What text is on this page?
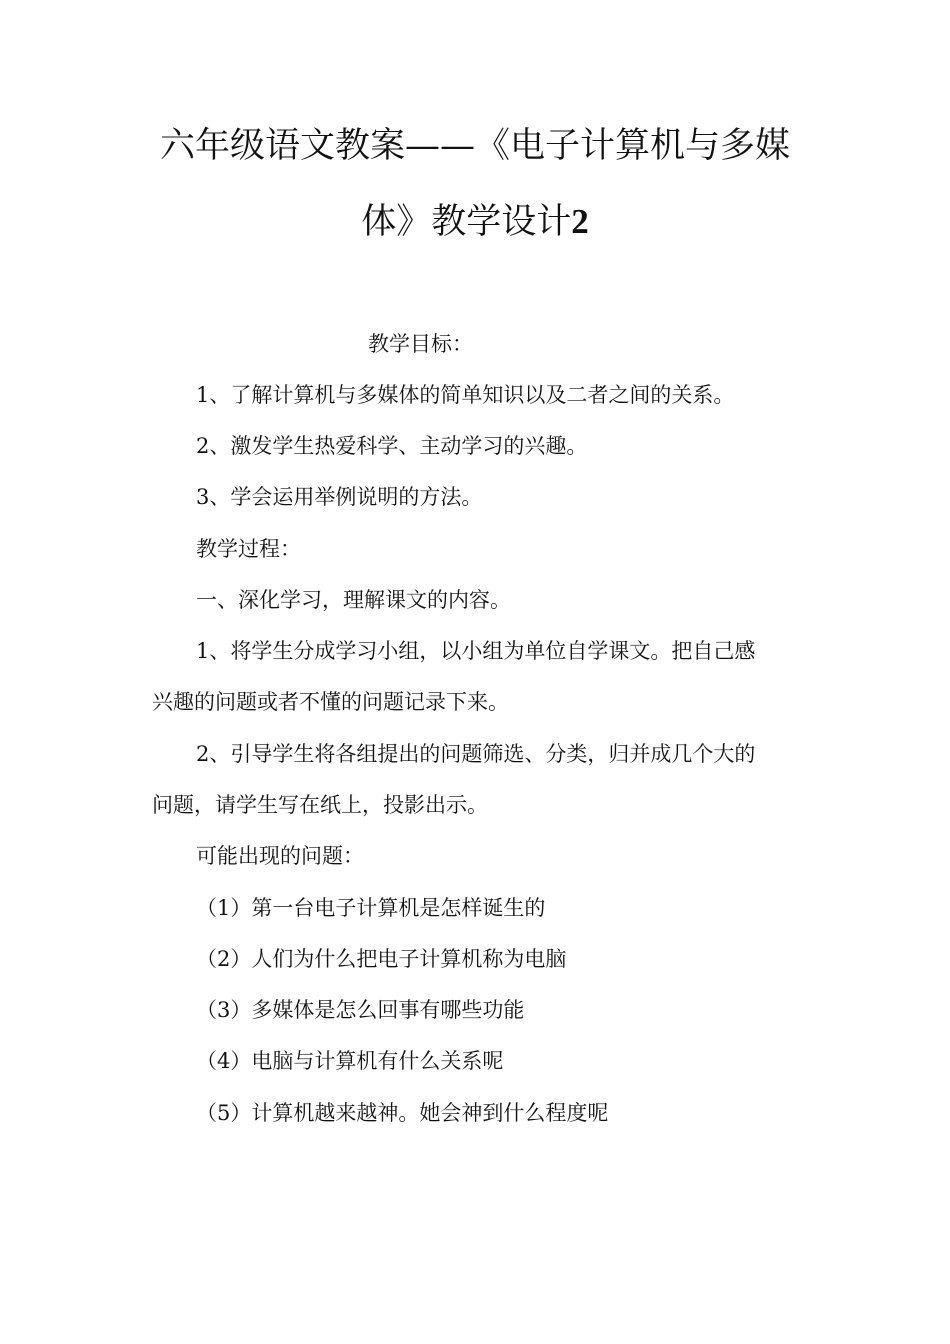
六年级语文教案——《电子计算机与多媒
体》教学设计2
教学目标：
1、了解计算机与多媒体的简单知识以及二者之间的关系。
2、激发学生热爱科学、主动学习的兴趣。
3、学会运用举例说明的方法。
教学过程：
一、深化学习，理解课文的内容。
1、将学生分成学习小组，以小组为单位自学课文。把自己感
兴趣的问题或者不懂的问题记录下来。
2、引导学生将各组提出的问题筛选、分类，归并成几个大的
问题，请学生写在纸上，投影出示。
可能出现的问题：
（1）第一台电子计算机是怎样诞生的
（2）人们为什么把电子计算机称为电脑
（3）多媒体是怎么回事有哪些功能
（4）电脑与计算机有什么关系呢
（5）计算机越来越神。她会神到什么程度呢
